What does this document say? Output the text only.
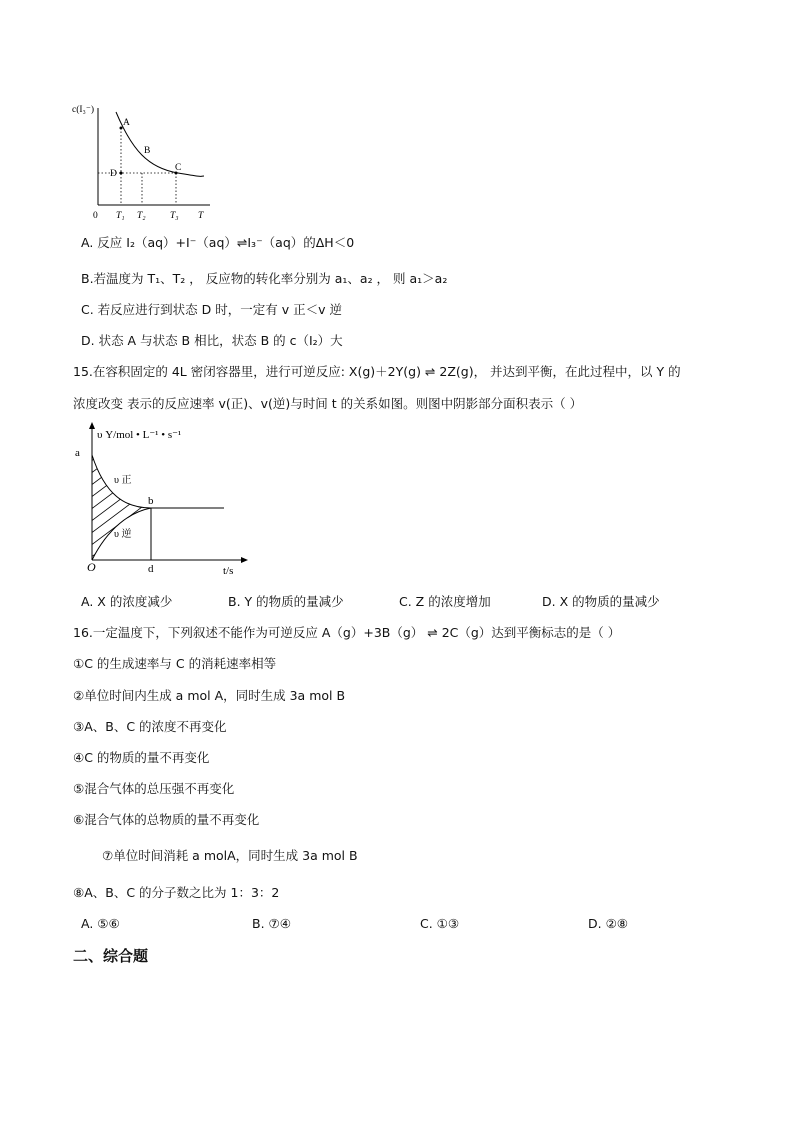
c(I₃⁻)
A
B
C
D
0 T₁ T₂	T₃ T
A. 反应 I₂（aq）+I⁻（aq）⇌I₃⁻（aq）的ΔH＜0
B.若温度为 T₁、T₂ ， 反应物的转化率分别为 a₁、a₂ ， 则 a₁＞a₂
C. 若反应进行到状态 D 时，一定有 v 正＜v 逆
D. 状态 A 与状态 B 相比，状态 B 的 c（I₂）大
15.在容积固定的 4L 密闭容器里，进行可逆反应: X(g)＋2Y(g) ⇌ 2Z(g)， 并达到平衡，在此过程中，以 Y 的
浓度改变 表示的反应速率 v(正)、v(逆)与时间 t 的关系如图。则图中阴影部分面积表示（ ）
υ Y/mol • L⁻¹ • s⁻¹
a
b
υ 正
υ 逆
O	d	t/s
A. X 的浓度减少	B. Y 的物质的量减少	C. Z 的浓度增加	D. X 的物质的量减少
16.一定温度下，下列叙述不能作为可逆反应 A（g）+3B（g） ⇌ 2C（g）达到平衡标志的是（ ）
①C 的生成速率与 C 的消耗速率相等
②单位时间内生成 a mol A，同时生成 3a mol B
③A、B、C 的浓度不再变化
④C 的物质的量不再变化
⑤混合气体的总压强不再变化
⑥混合气体的总物质的量不再变化
⑦单位时间消耗 a molA，同时生成 3a mol B
⑧A、B、C 的分子数之比为 1：3：2
A. ⑤⑥	B. ⑦④	C. ①③	D. ②⑧
二、综合题
